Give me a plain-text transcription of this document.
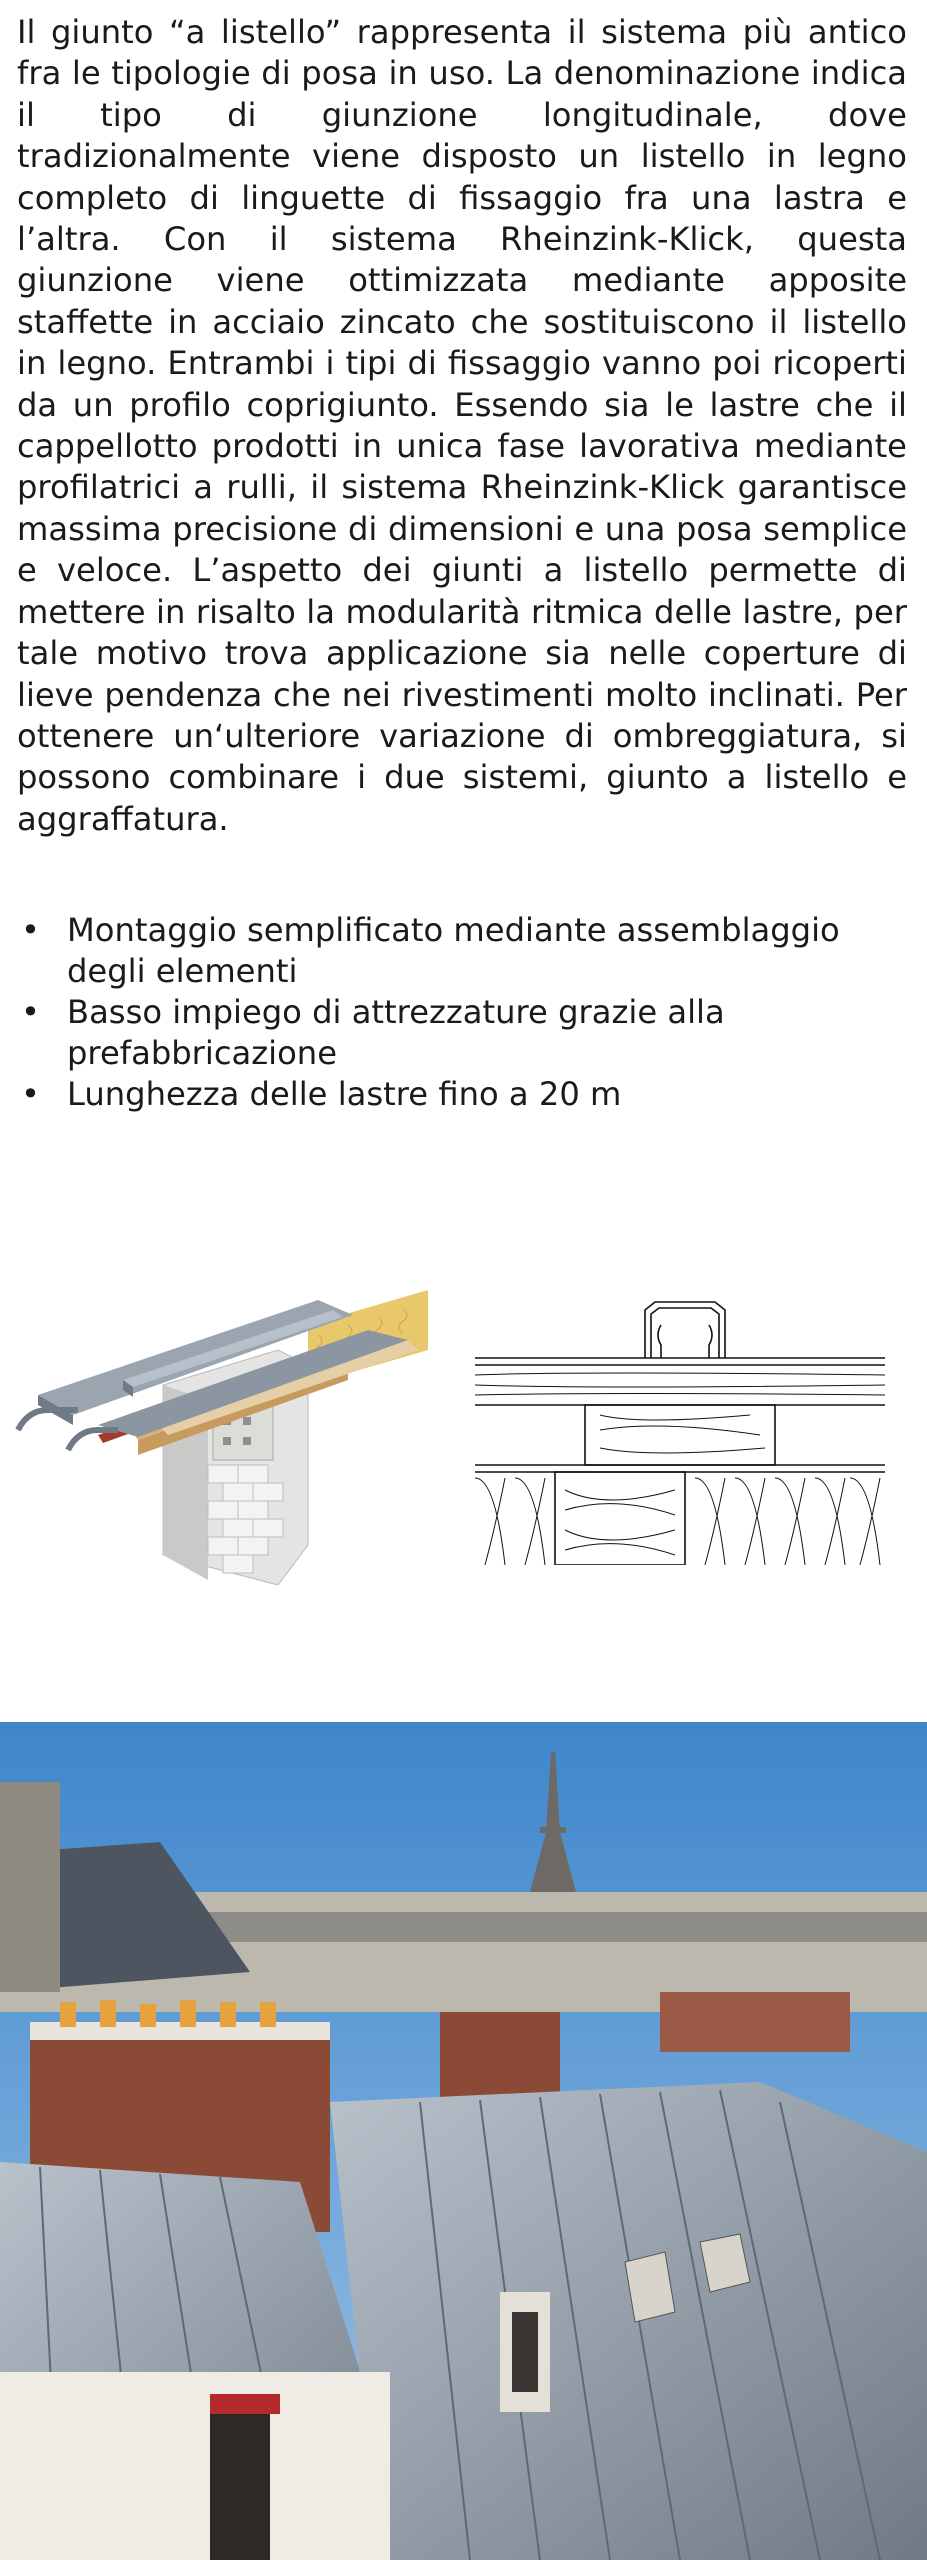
Il giunto “a listello” rappresenta il sistema più antico fra le tipologie di posa in uso. La denominazione indica il tipo di giunzione longitudinale, dove tradizionalmente viene disposto un listello in legno completo di linguette di fissaggio fra una lastra e l’altra. Con il sistema Rheinzink-Klick, questa giunzione viene ottimizzata mediante apposite staffette in acciaio zincato che sostituiscono il listello in legno. Entrambi i tipi di fissaggio vanno poi ricoperti da un profilo coprigiunto. Essendo sia le lastre che il cappellotto prodotti in unica fase lavorativa mediante profilatrici a rulli, il sistema Rheinzink-Klick garantisce massima precisione di dimensioni e una posa semplice e veloce. L’aspetto dei giunti a listello permette di mettere in risalto la modularità ritmica delle lastre, per tale motivo trova applicazione sia nelle coperture di lieve pendenza che nei rivestimenti molto inclinati. Per ottenere un‘ulteriore variazione di ombreggiatura, si possono combinare i due sistemi, giunto a listello e aggraffatura.

• Montaggio semplificato mediante assemblaggio degli elementi
• Basso impiego di attrezzature grazie alla prefabbricazione
• Lunghezza delle lastre fino a 20 m
